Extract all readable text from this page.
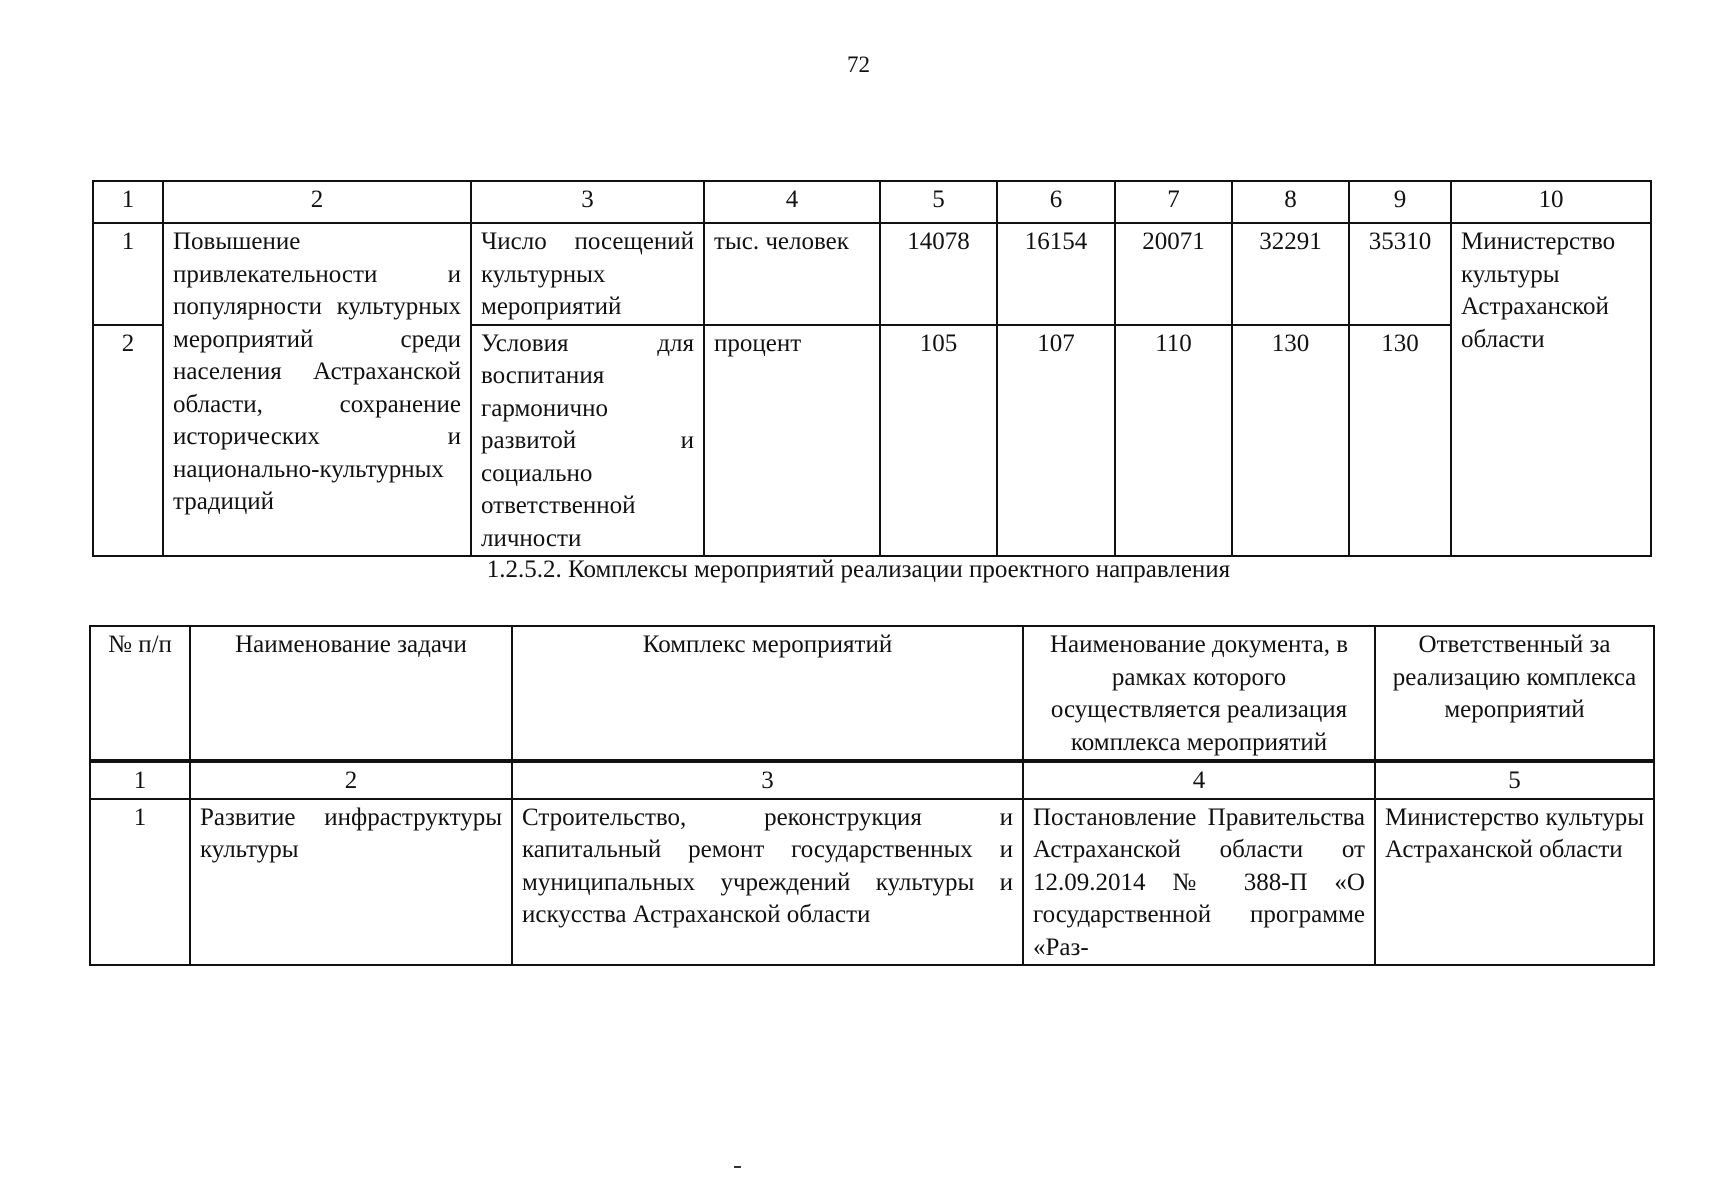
72
1	2	3	4	5	6	7	8	9	10
1	Повышение привлекательности и популярности культурных мероприятий среди населения Астраханской области, сохранение исторических и национально-культурных традиций	Число посещений культурных мероприятий	тыс. человек	14078	16154	20071	32291	35310	Министерство культуры Астраханской области
2		Условия для воспитания гармонично развитой и социально ответственной личности	процент	105	107	110	130	130	
1.2.5.2. Комплексы мероприятий реализации проектного направления
№ п/п	Наименование задачи	Комплекс мероприятий	Наименование документа, в рамках которого осуществляется реализация комплекса мероприятий	Ответственный за реализацию комплекса мероприятий
1	2	3	4	5
1	Развитие инфраструктуры культуры	Строительство, реконструкция и капитальный ремонт государственных и муниципальных учреждений культуры и искусства Астраханской области	Постановление Правительства Астраханской области от 12.09.2014 № 388-П «О государственной программе «Раз-	Министерство культуры Астраханской области
